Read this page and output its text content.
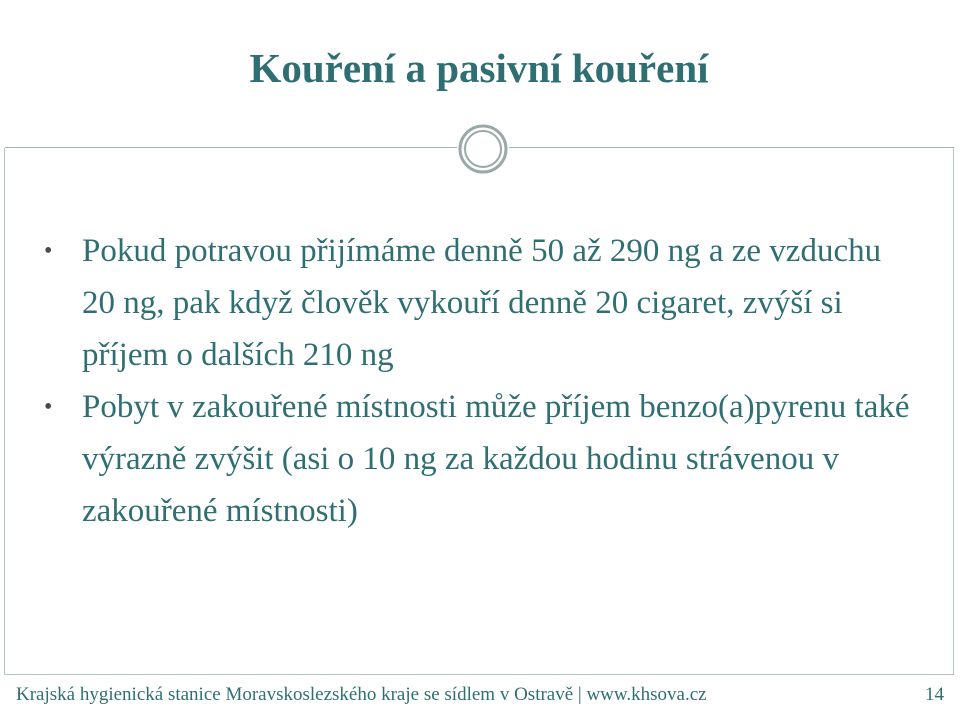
Kouření a pasivní kouření
• Pokud potravou přijímáme denně 50 až 290 ng a ze vzduchu 20 ng, pak když člověk vykouří denně 20 cigaret, zvýší si příjem o dalších 210 ng
• Pobyt v zakouřené místnosti může příjem benzo(a)pyrenu také výrazně zvýšit (asi o 10 ng za každou hodinu strávenou v zakouřené místnosti)
Krajská hygienická stanice Moravskoslezského kraje se sídlem v Ostravě | www.khsova.cz	14
